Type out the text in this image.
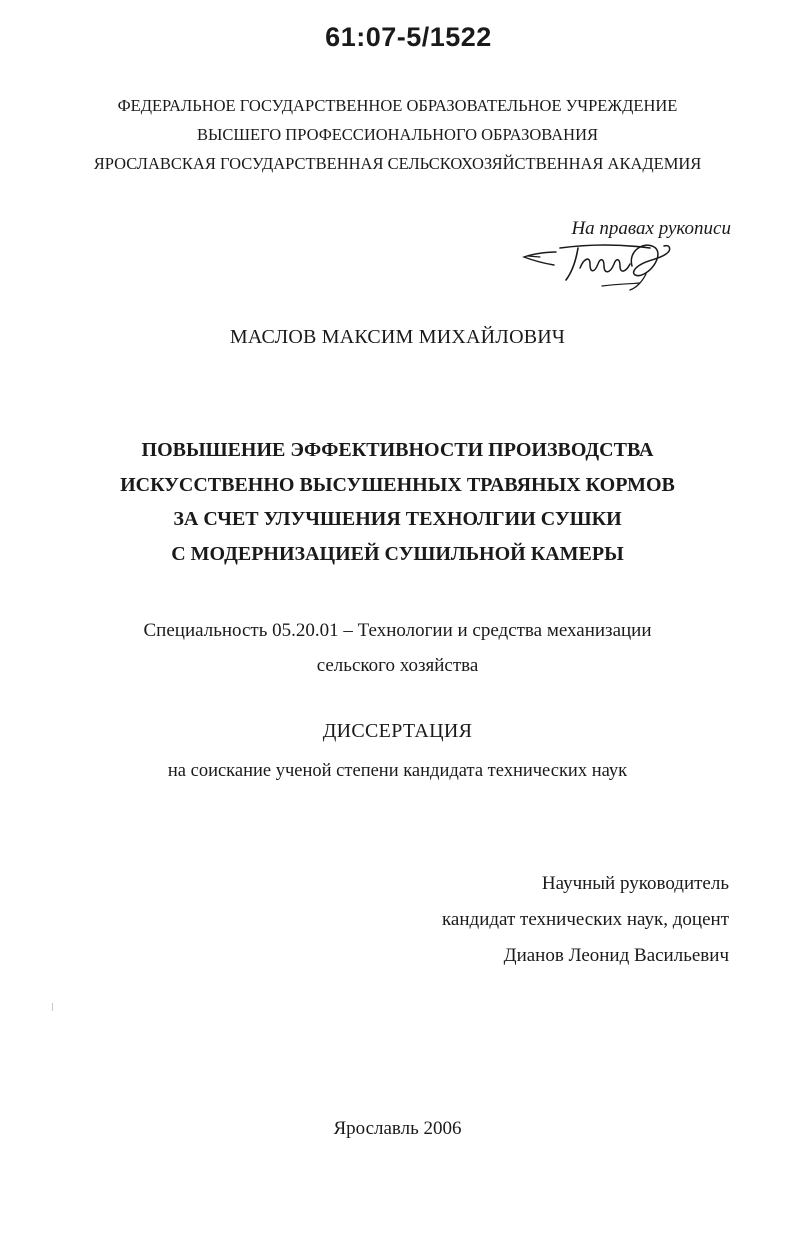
61:07-5/1522
ФЕДЕРАЛЬНОЕ ГОСУДАРСТВЕННОЕ ОБРАЗОВАТЕЛЬНОЕ УЧРЕЖДЕНИЕ
ВЫСШЕГО ПРОФЕССИОНАЛЬНОГО ОБРАЗОВАНИЯ
ЯРОСЛАВСКАЯ ГОСУДАРСТВЕННАЯ СЕЛЬСКОХОЗЯЙСТВЕННАЯ АКАДЕМИЯ
На правах рукописи
МАСЛОВ МАКСИМ МИХАЙЛОВИЧ
ПОВЫШЕНИЕ ЭФФЕКТИВНОСТИ ПРОИЗВОДСТВА
ИСКУССТВЕННО ВЫСУШЕННЫХ ТРАВЯНЫХ КОРМОВ
ЗА СЧЕТ УЛУЧШЕНИЯ ТЕХНОЛГИИ СУШКИ
С МОДЕРНИЗАЦИЕЙ СУШИЛЬНОЙ КАМЕРЫ
Специальность 05.20.01 – Технологии и средства механизации
сельского хозяйства
ДИССЕРТАЦИЯ
на соискание ученой степени кандидата технических наук
Научный руководитель
кандидат технических наук, доцент
Дианов Леонид Васильевич
Ярославль 2006
